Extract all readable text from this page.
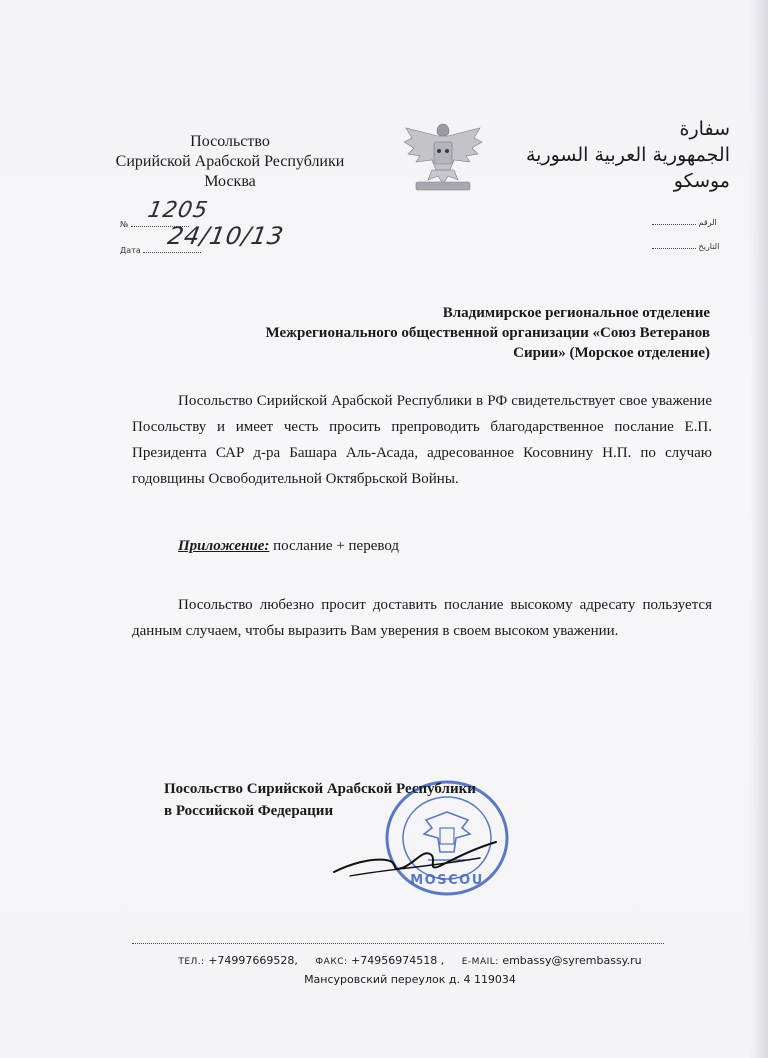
Посольство
Сирийской Арабской Республики
Москва
سفارة
الجمهورية العربية السورية
موسكو
№
1205
Дата
24/10/13	الرقم
التاريخ
Владимирское региональное отделение
Межрегионального общественной организации «Союз Ветеранов
Сирии» (Морское отделение)
Посольство Сирийской Арабской Республики в РФ свидетельствует свое уважение Посольству и имеет честь просить препроводить благодарственное послание Е.П. Президента САР д-ра Башара Аль-Асада, адресованное Косовнину Н.П. по случаю годовщины Освободительной Октябрьской Войны.
Приложение: послание + перевод
Посольство любезно просит доставить послание высокому адресату пользуется данным случаем, чтобы выразить Вам уверения в своем высоком уважении.
MOSCOU
Посольство Сирийской Арабской Республики
в Российской Федерации
ТЕЛ.: +74997669528, ФАКС: +74956974518 , E-MAIL: embassy@syrembassy.ru
Мансуровский переулок д. 4 119034
